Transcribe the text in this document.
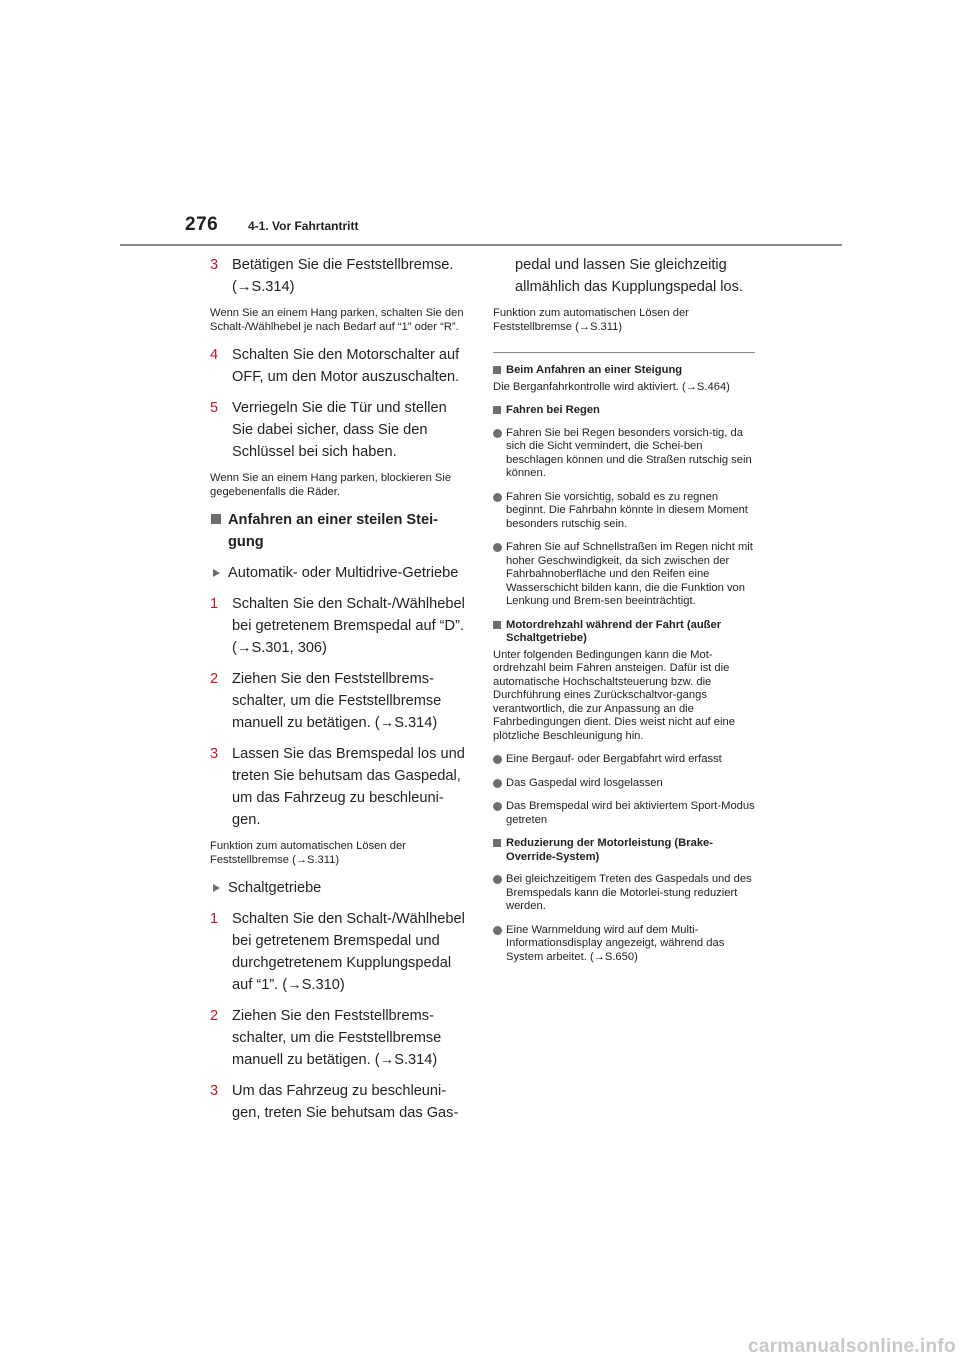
276 4-1. Vor Fahrtantritt
3 Betätigen Sie die Feststellbremse.
(→S.314)
Wenn Sie an einem Hang parken, schalten Sie den Schalt-/Wählhebel je nach Bedarf auf “1” oder “R”.
4 Schalten Sie den Motorschalter auf
OFF, um den Motor auszuschalten.
5 Verriegeln Sie die Tür und stellen
Sie dabei sicher, dass Sie den
Schlüssel bei sich haben.
Wenn Sie an einem Hang parken, blockieren Sie gegebenenfalls die Räder.
Anfahren an einer steilen Stei-
gung
Automatik- oder Multidrive-Getriebe
1 Schalten Sie den Schalt-/Wählhebel
bei getretenem Bremspedal auf “D”.
(→S.301, 306)
2 Ziehen Sie den Feststellbrems-
schalter, um die Feststellbremse
manuell zu betätigen. (→S.314)
3 Lassen Sie das Bremspedal los und
treten Sie behutsam das Gaspedal,
um das Fahrzeug zu beschleuni-
gen.
Funktion zum automatischen Lösen der Feststellbremse (→S.311)
Schaltgetriebe
1 Schalten Sie den Schalt-/Wählhebel
bei getretenem Bremspedal und
durchgetretenem Kupplungspedal
auf “1”. (→S.310)
2 Ziehen Sie den Feststellbrems-
schalter, um die Feststellbremse
manuell zu betätigen. (→S.314)
3 Um das Fahrzeug zu beschleuni-
gen, treten Sie behutsam das Gas-
pedal und lassen Sie gleichzeitig
allmählich das Kupplungspedal los.
Funktion zum automatischen Lösen der Feststellbremse (→S.311)
Beim Anfahren an einer Steigung
Die Berganfahrkontrolle wird aktiviert. (→S.464)
Fahren bei Regen
Fahren Sie bei Regen besonders vorsich-tig, da sich die Sicht vermindert, die Schei-ben beschlagen können und die Straßen rutschig sein können.
Fahren Sie vorsichtig, sobald es zu regnen beginnt. Die Fahrbahn könnte in diesem Moment besonders rutschig sein.
Fahren Sie auf Schnellstraßen im Regen nicht mit hoher Geschwindigkeit, da sich zwischen der Fahrbahnoberfläche und den Reifen eine Wasserschicht bilden kann, die die Funktion von Lenkung und Brem-sen beeinträchtigt.
Motordrehzahl während der Fahrt (außer Schaltgetriebe)
Unter folgenden Bedingungen kann die Mot-ordrehzahl beim Fahren ansteigen. Dafür ist die automatische Hochschaltsteuerung bzw. die Durchführung eines Zurückschaltvor-gangs verantwortlich, die zur Anpassung an die Fahrbedingungen dient. Dies weist nicht auf eine plötzliche Beschleunigung hin.
Eine Bergauf- oder Bergabfahrt wird erfasst
Das Gaspedal wird losgelassen
Das Bremspedal wird bei aktiviertem Sport-Modus getreten
Reduzierung der Motorleistung (Brake-Override-System)
Bei gleichzeitigem Treten des Gaspedals und des Bremspedals kann die Motorlei-stung reduziert werden.
Eine Warnmeldung wird auf dem Multi-Informationsdisplay angezeigt, während das System arbeitet. (→S.650)
carmanualsonline.info
